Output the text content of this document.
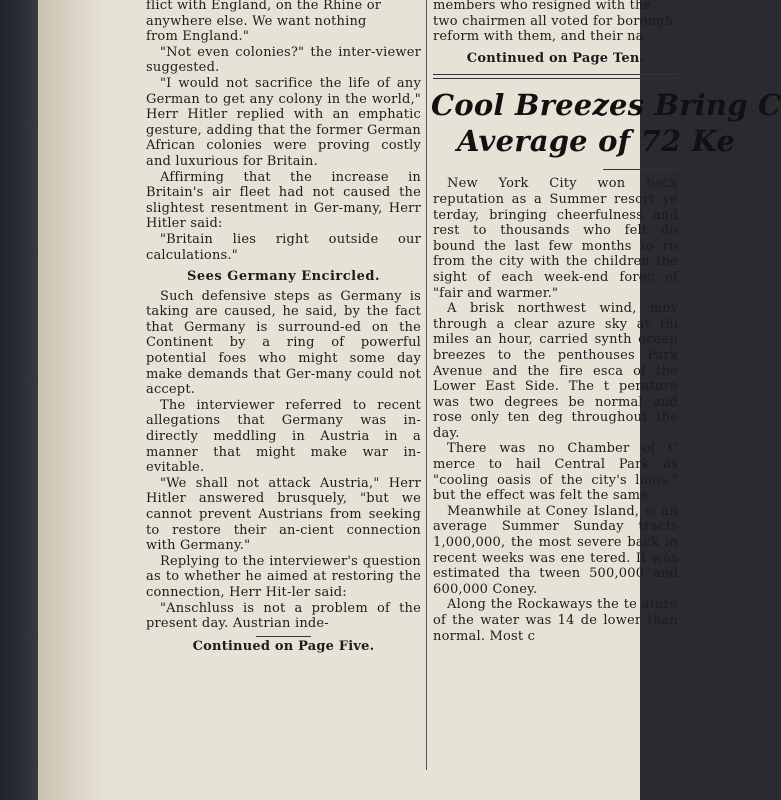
flict with England, on the Rhine or

anywhere else. We want nothing

from England."

"Not even colonies?" the inter-viewer suggested.

"I would not sacrifice the life of any German to get any colony in the world," Herr Hitler replied with an emphatic gesture, adding that the former German African colonies were proving costly and luxurious for Britain.

Affirming that the increase in Britain's air fleet had not caused the slightest resentment in Ger-many, Herr Hitler said:

"Britain lies right outside our calculations."

Sees Germany Encircled.

Such defensive steps as Germany is taking are caused, he said, by the fact that Germany is surround-ed on the Continent by a ring of powerful potential foes who might some day make demands that Ger-many could not accept.

The interviewer referred to recent allegations that Germany was in-directly meddling in Austria in a manner that might make war in-evitable.

"We shall not attack Austria," Herr Hitler answered brusquely, "but we cannot prevent Austrians from seeking to restore their an-cient connection with Germany."

Replying to the interviewer's question as to whether he aimed at restoring the connection, Herr Hit-ler said:

"Anschluss is not a problem of the present day. Austrian inde-

Continued on Page Five.

members who resigned with the

two chairmen all voted for borough

reform with them, and their na

Continued on Page Ten.
Cool Breezes Bring C
Average of 72 Ke

New York City won back reputation as a Summer resort ye terday, bringing cheerfulness and rest to thousands who felt du bound the last few months to ru from the city with the children the sight of each week-end forec of "fair and warmer."

A brisk northwest wind, mov through a clear azure sky at thi miles an hour, carried synth ocean breezes to the penthouses Park Avenue and the fire esca of the Lower East Side. The t perature was two degrees be normal and rose only ten deg throughout the day.

There was no Chamber of C merce to hail Central Park as "cooling oasis of the city's lions," but the effect was felt the same.

Meanwhile at Coney Island, w an average Summer Sunday tracts 1,000,000, the most severe back in recent weeks was ene tered. It was estimated tha tween 500,000 and 600,000 Coney.

Along the Rockaways the te ature of the water was 14 de lower than normal. Most c
